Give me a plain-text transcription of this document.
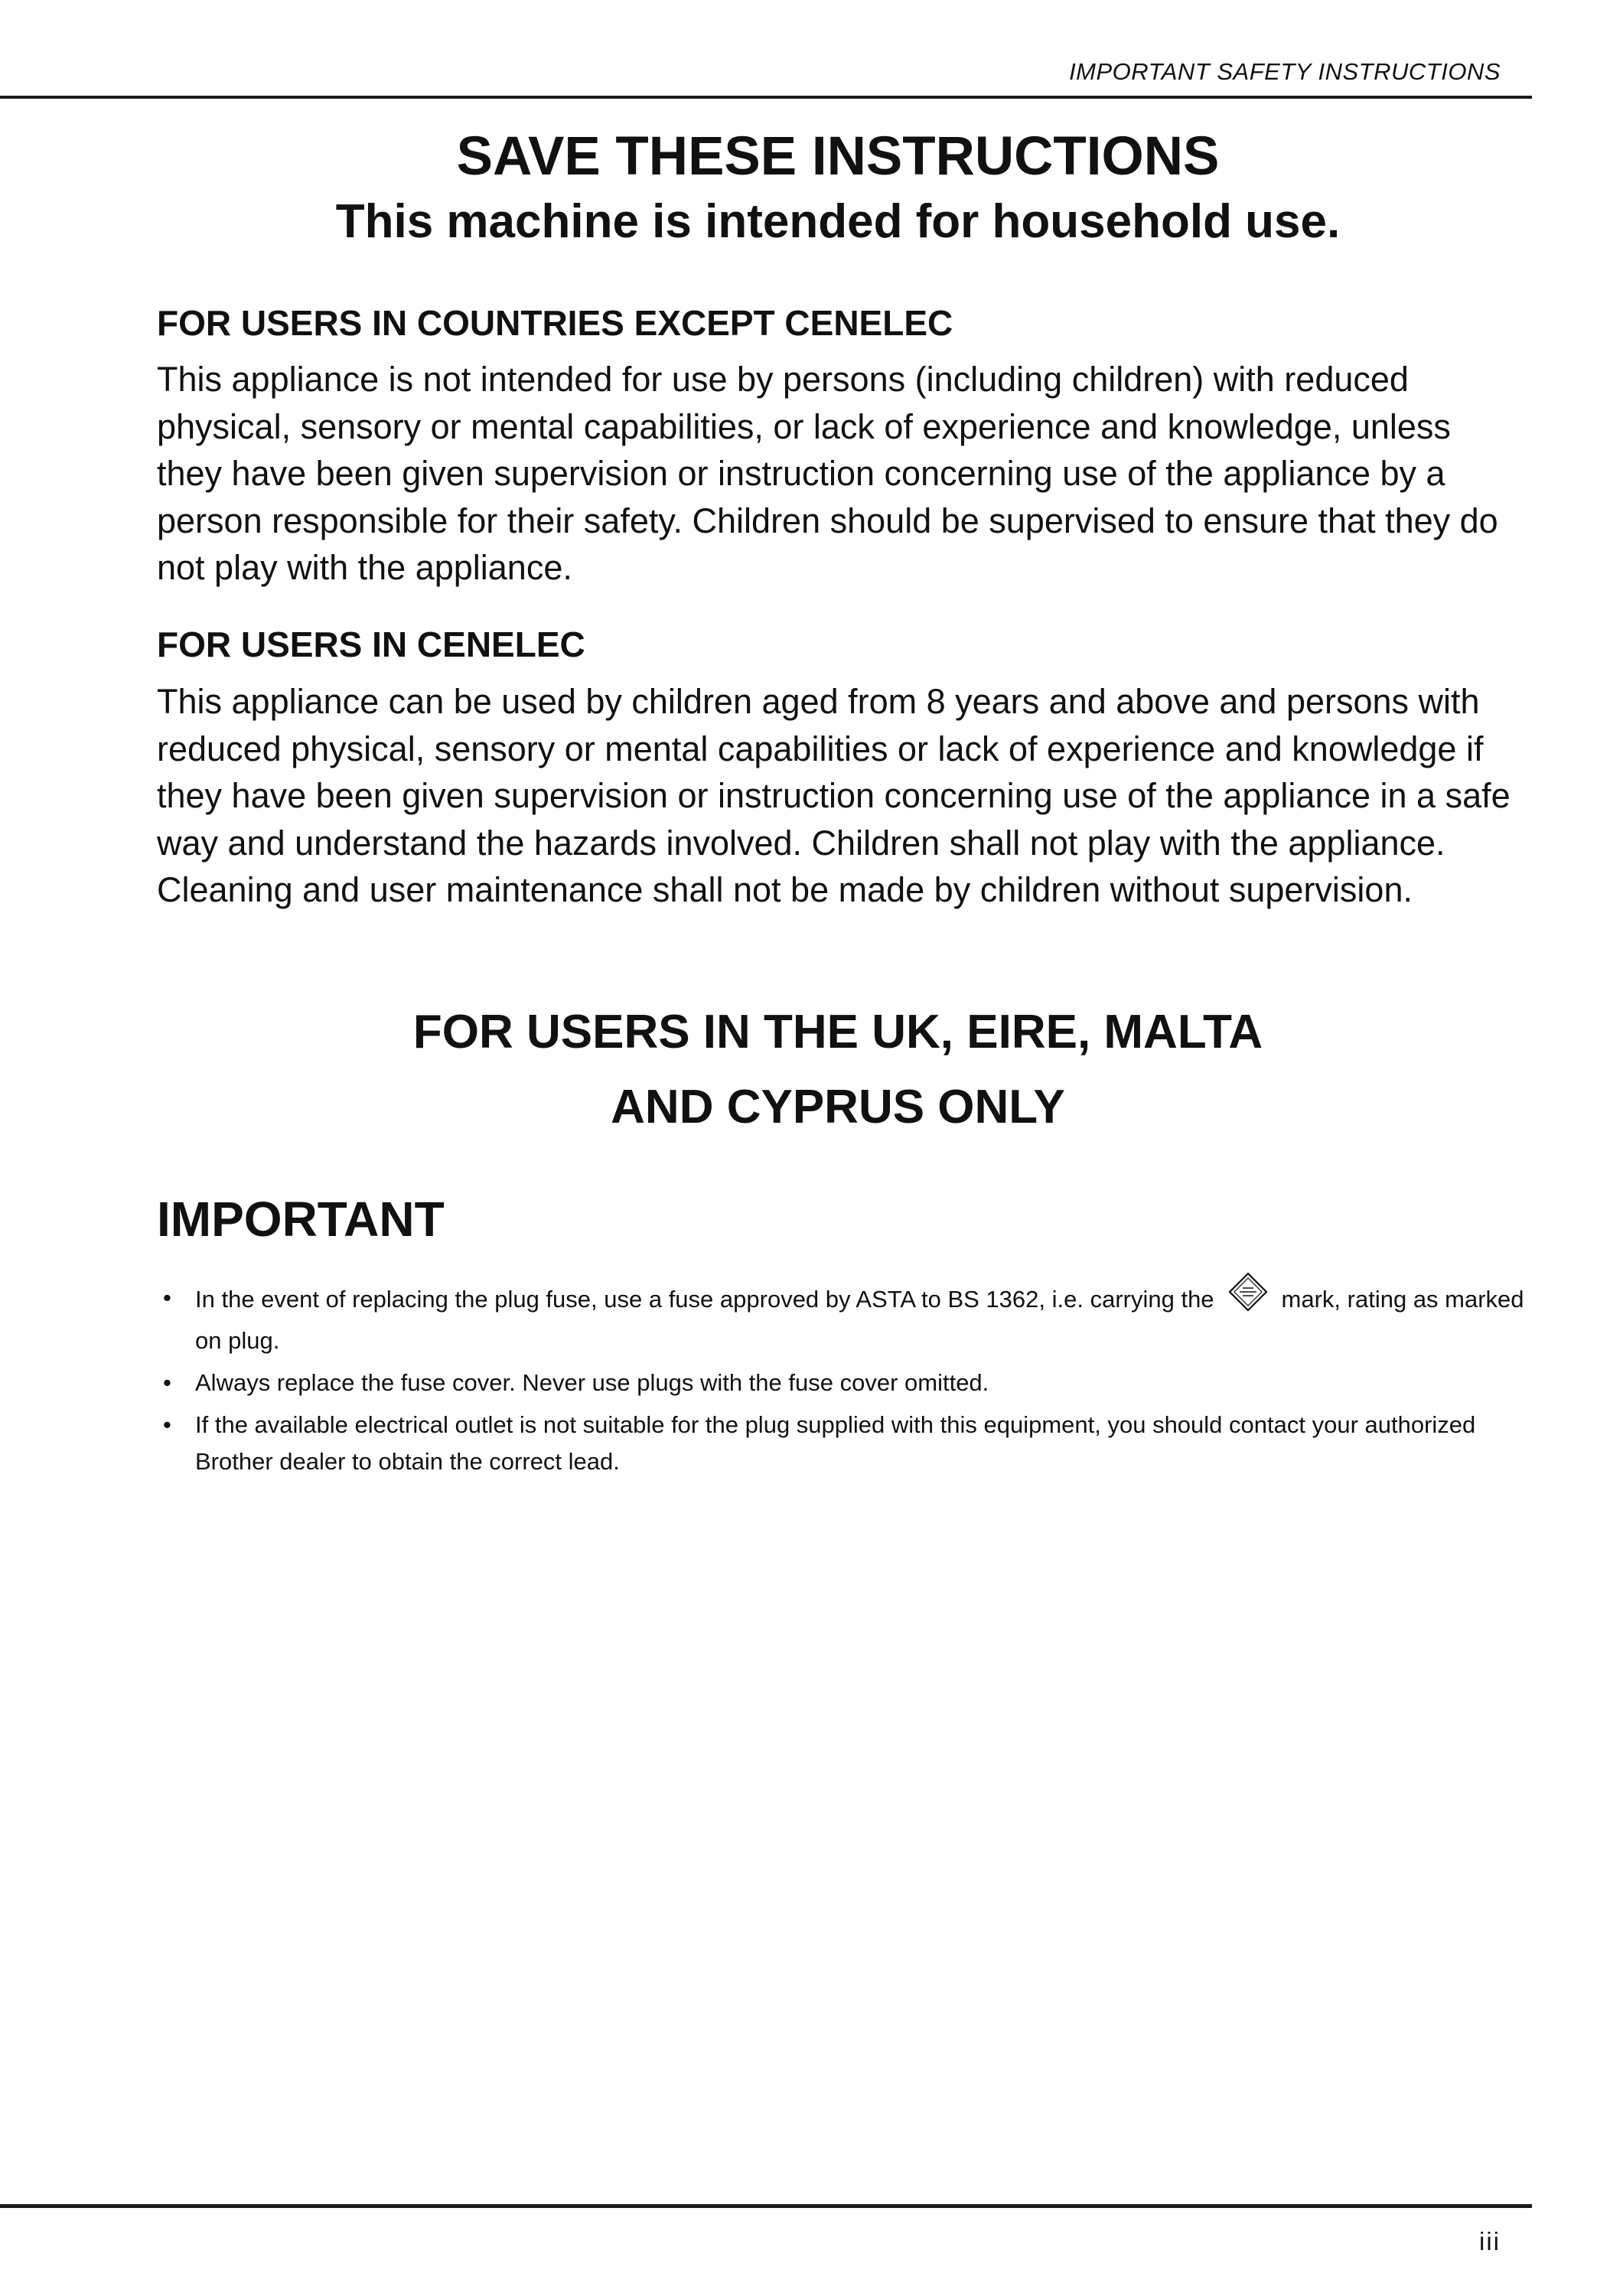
IMPORTANT SAFETY INSTRUCTIONS
SAVE THESE INSTRUCTIONS
This machine is intended for household use.
FOR USERS IN COUNTRIES EXCEPT CENELEC

This appliance is not intended for use by persons (including children) with reduced physical, sensory or mental capabilities, or lack of experience and knowledge, unless they have been given supervision or instruction concerning use of the appliance by a person responsible for their safety. Children should be supervised to ensure that they do not play with the appliance.

FOR USERS IN CENELEC

This appliance can be used by children aged from 8 years and above and persons with reduced physical, sensory or mental capabilities or lack of experience and knowledge if they have been given supervision or instruction concerning use of the appliance in a safe way and understand the hazards involved. Children shall not play with the appliance. Cleaning and user maintenance shall not be made by children without supervision.

FOR USERS IN THE UK, EIRE, MALTA
AND CYPRUS ONLY
IMPORTANT
• In the event of replacing the plug fuse, use a fuse approved by ASTA to BS 1362, i.e. carrying the	mark, rating as marked on plug.
• Always replace the fuse cover. Never use plugs with the fuse cover omitted.
• If the available electrical outlet is not suitable for the plug supplied with this equipment, you should contact your authorized Brother dealer to obtain the correct lead.
iii
